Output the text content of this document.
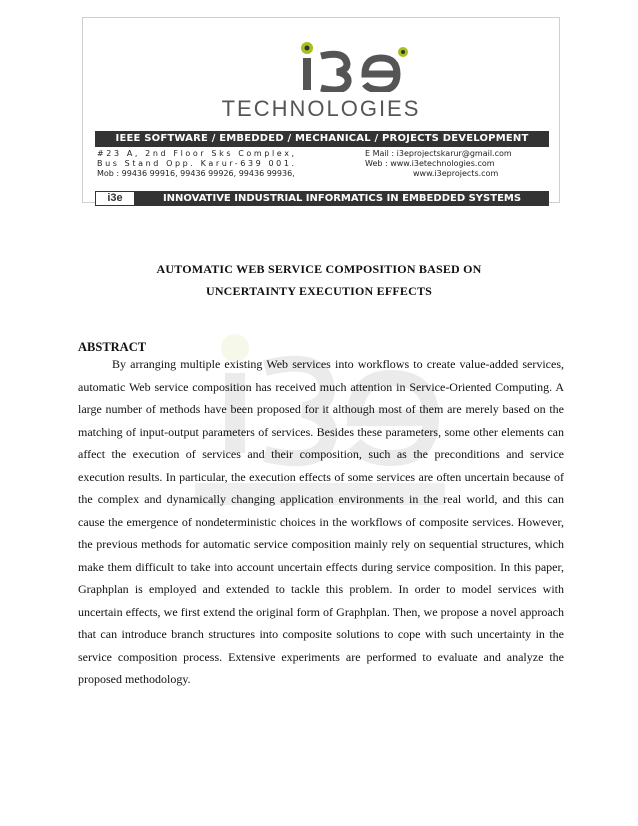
TECHNOLOGIES
IEEE SOFTWARE / EMBEDDED / MECHANICAL / PROJECTS DEVELOPMENT
#23 A, 2nd Floor Sks Complex,
Bus Stand Opp. Karur-639 001.
Mob : 99436 99916, 99436 99926, 99436 99936,
E Mail : i3eprojectskarur@gmail.com
Web : www.i3etechnologies.com
www.i3eprojects.com
i3e	INNOVATIVE INDUSTRIAL INFORMATICS IN EMBEDDED SYSTEMS
AUTOMATIC WEB SERVICE COMPOSITION BASED ON
UNCERTAINTY EXECUTION EFFECTS
ABSTRACT

By arranging multiple existing Web services into workflows to create value-added services, automatic Web service composition has received much attention in Service-Oriented Computing. A large number of methods have been proposed for it although most of them are merely based on the matching of input-output parameters of services. Besides these parameters, some other elements can affect the execution of services and their composition, such as the preconditions and service execution results. In particular, the execution effects of some services are often uncertain because of the complex and dynamically changing application environments in the real world, and this can cause the emergence of nondeterministic choices in the workflows of composite services. However, the previous methods for automatic service composition mainly rely on sequential structures, which make them difficult to take into account uncertain effects during service composition. In this paper, Graphplan is employed and extended to tackle this problem. In order to model services with uncertain effects, we first extend the original form of Graphplan. Then, we propose a novel approach that can introduce branch structures into composite solutions to cope with such uncertainty in the service composition process. Extensive experiments are performed to evaluate and analyze the proposed methodology.
